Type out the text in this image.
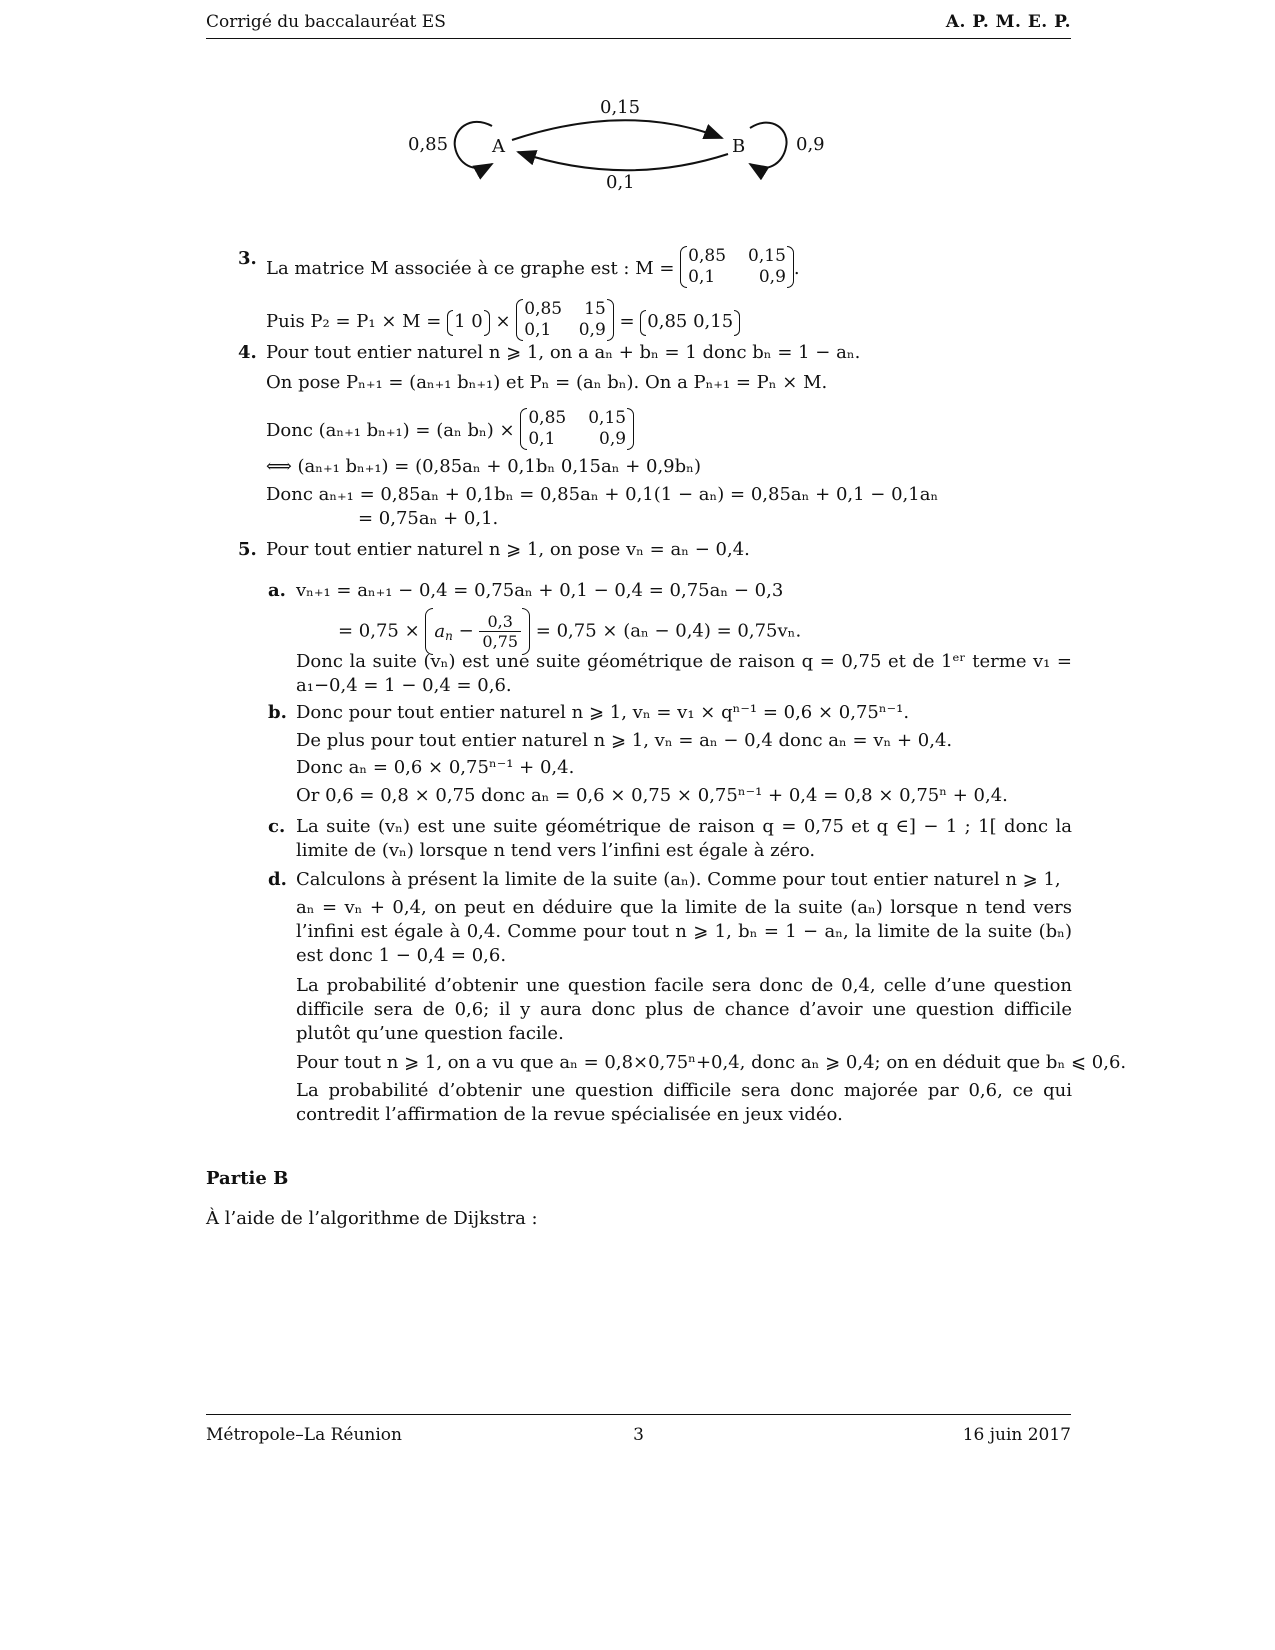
Corrigé du baccalauréat ES	A. P. M. E. P.
A	B
0,85	0,9
0,15
0,1
3. La matrice M associée à ce graphe est : M =
0,85 0,15
0,1	0,9 .
Puis P₂ = P₁ × M = 1 0 ×
0,85 15
0,1 0,9 = 0,85 0,15
4. Pour tout entier naturel n ⩾ 1, on a aₙ + bₙ = 1 donc bₙ = 1 − aₙ.
On pose Pₙ₊₁ = (aₙ₊₁ bₙ₊₁) et Pₙ = (aₙ bₙ). On a Pₙ₊₁ = Pₙ × M.
Donc (aₙ₊₁ bₙ₊₁) = (aₙ bₙ) ×
0,85 0,15
0,1	0,9
⟺ (aₙ₊₁ bₙ₊₁) = (0,85aₙ + 0,1bₙ 0,15aₙ + 0,9bₙ)
Donc aₙ₊₁ = 0,85aₙ + 0,1bₙ = 0,85aₙ + 0,1(1 − aₙ) = 0,85aₙ + 0,1 − 0,1aₙ
= 0,75aₙ + 0,1.
5. Pour tout entier naturel n ⩾ 1, on pose vₙ = aₙ − 0,4.
a. vₙ₊₁ = aₙ₊₁ − 0,4 = 0,75aₙ + 0,1 − 0,4 = 0,75aₙ − 0,3
= $0,75 \times a_n - \frac{0,3}{0,75} = 0,75 \times (a_n - 0,4) = 0,75v_n$.
Donc la suite (vₙ) est une suite géométrique de raison q = 0,75 et de 1ᵉʳ terme v₁ = a₁−0,4 = 1 − 0,4 = 0,6.
b. Donc pour tout entier naturel n ⩾ 1, vₙ = v₁ × qⁿ⁻¹ = 0,6 × 0,75ⁿ⁻¹.
De plus pour tout entier naturel n ⩾ 1, vₙ = aₙ − 0,4 donc aₙ = vₙ + 0,4.
Donc aₙ = 0,6 × 0,75ⁿ⁻¹ + 0,4.
Or 0,6 = 0,8 × 0,75 donc aₙ = 0,6 × 0,75 × 0,75ⁿ⁻¹ + 0,4 = 0,8 × 0,75ⁿ + 0,4.
c. La suite (vₙ) est une suite géométrique de raison q = 0,75 et q ∈] − 1 ; 1[ donc la limite de (vₙ) lorsque n tend vers l’infini est égale à zéro.
d. Calculons à présent la limite de la suite (aₙ). Comme pour tout entier naturel n ⩾ 1,
aₙ = vₙ + 0,4, on peut en déduire que la limite de la suite (aₙ) lorsque n tend vers l’infini est égale à 0,4. Comme pour tout n ⩾ 1, bₙ = 1 − aₙ, la limite de la suite (bₙ) est donc 1 − 0,4 = 0,6.
La probabilité d’obtenir une question facile sera donc de 0,4, celle d’une question difficile sera de 0,6; il y aura donc plus de chance d’avoir une question difficile plutôt qu’une question facile.
Pour tout n ⩾ 1, on a vu que aₙ = 0,8×0,75ⁿ+0,4, donc aₙ ⩾ 0,4; on en déduit que bₙ ⩽ 0,6.
La probabilité d’obtenir une question difficile sera donc majorée par 0,6, ce qui contredit l’affirmation de la revue spécialisée en jeux vidéo.
Partie B
À l’aide de l’algorithme de Dijkstra :
Métropole–La Réunion	3	16 juin 2017
